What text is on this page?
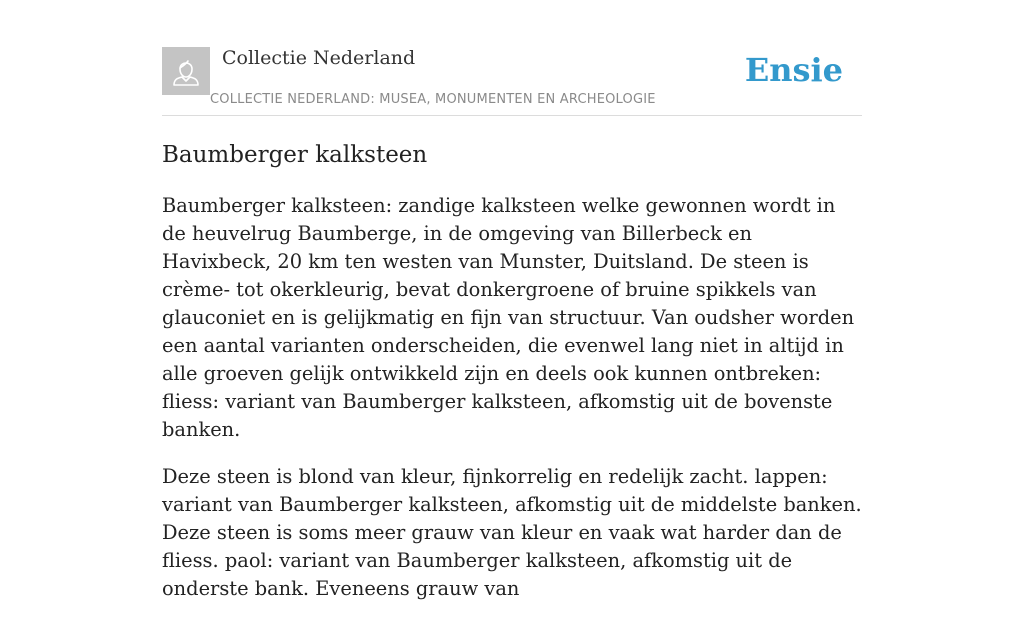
Collectie Nederland
COLLECTIE NEDERLAND: MUSEA, MONUMENTEN EN ARCHEOLOGIE
Ensie
Baumberger kalksteen

Baumberger kalksteen: zandige kalksteen welke gewonnen wordt in de heuvelrug Baumberge, in de omgeving van Billerbeck en Havixbeck, 20 km ten westen van Munster, Duitsland. De steen is crème- tot okerkleurig, bevat donkergroene of bruine spikkels van glauconiet en is gelijkmatig en fijn van structuur. Van oudsher worden een aantal varianten onderscheiden, die evenwel lang niet in altijd in alle groeven gelijk ontwikkeld zijn en deels ook kunnen ontbreken: fliess: variant van Baumberger kalksteen, afkomstig uit de bovenste banken.

Deze steen is blond van kleur, fijnkorrelig en redelijk zacht. lappen: variant van Baumberger kalksteen, afkomstig uit de middelste banken. Deze steen is soms meer grauw van kleur en vaak wat harder dan de fliess. paol: variant van Baumberger kalksteen, afkomstig uit de onderste bank. Eveneens grauw van
